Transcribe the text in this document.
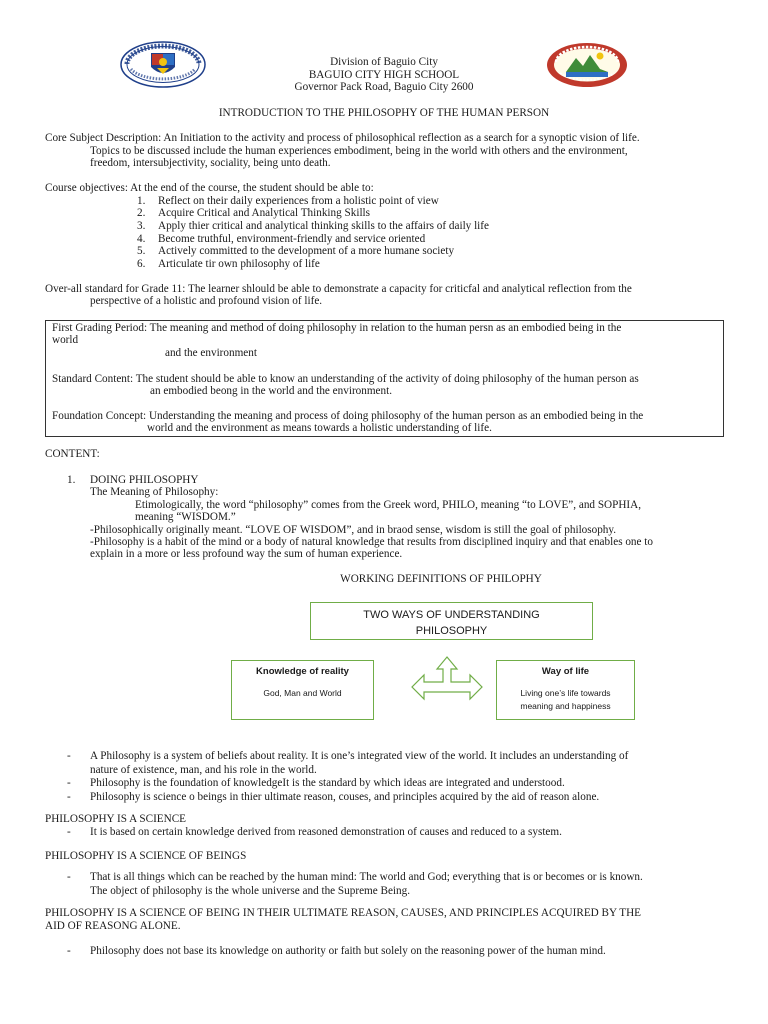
Division of Baguio City
BAGUIO CITY HIGH SCHOOL
Governor Pack Road, Baguio City 2600
INTRODUCTION TO THE PHILOSOPHY OF THE HUMAN PERSON
Core Subject Description: An Initiation to the activity and process of philosophical reflection as a search for a synoptic vision of life.
Topics to be discussed include the human experiences embodiment, being in the world with others and the environment,
freedom, intersubjectivity, sociality, being unto death.
Course objectives: At the end of the course, the student should be able to:
1. Reflect on their daily experiences from a holistic point of view
2. Acquire Critical and Analytical Thinking Skills
3. Apply thier critical and analytical thinking skills to the affairs of daily life
4. Become truthful, environment-friendly and service oriented
5. Actively committed to the development of a more humane society
6. Articulate tir own philosophy of life
Over-all standard for Grade 11: The learner shlould be able to demonstrate a capacity for criticfal and analytical reflection from the
perspective of a holistic and profound vision of life.
First Grading Period: The meaning and method of doing philosophy in relation to the human persn as an embodied being in the
world
and the environment
Standard Content: The student should be able to know an understanding of the activity of doing philosophy of the human person as
an embodied beong in the world and the environment.
Foundation Concept: Understanding the meaning and process of doing philosophy of the human person as an embodied being in the
world and the environment as means towards a holistic understanding of life.
CONTENT:
1. DOING PHILOSOPHY
The Meaning of Philosophy:
Etimologically, the word “philosophy” comes from the Greek word, PHILO, meaning “to LOVE”, and SOPHIA,
meaning “WISDOM.”
-Philosophically originally meant. “LOVE OF WISDOM”, and in braod sense, wisdom is still the goal of philosophy.
-Philosophy is a habit of the mind or a body of natural knowledge that results from disciplined inquiry and that enables one to
explain in a more or less profound way the sum of human experience.
WORKING DEFINITIONS OF PHILOPHY
TWO WAYS OF UNDERSTANDING
PHILOSOPHY
Knowledge of reality
God, Man and World
Way of life
Living one’s life towards
meaning and happiness
- A Philosophy is a system of beliefs about reality. It is one’s integrated view of the world. It includes an understanding of
nature of existence, man, and his role in the world.
- Philosophy is the foundation of knowledgeIt is the standard by which ideas are integrated and understood.
- Philosophy is science o beings in thier ultimate reason, couses, and principles acquired by the aid of reason alone.
PHILOSOPHY IS A SCIENCE
- It is based on certain knowledge derived from reasoned demonstration of causes and reduced to a system.
PHILOSOPHY IS A SCIENCE OF BEINGS
- That is all things which can be reached by the human mind: The world and God; everything that is or becomes or is known.
The object of philosophy is the whole universe and the Supreme Being.
PHILOSOPHY IS A SCIENCE OF BEING IN THEIR ULTIMATE REASON, CAUSES, AND PRINCIPLES ACQUIRED BY THE
AID OF REASONG ALONE.
- Philosophy does not base its knowledge on authority or faith but solely on the reasoning power of the human mind.
